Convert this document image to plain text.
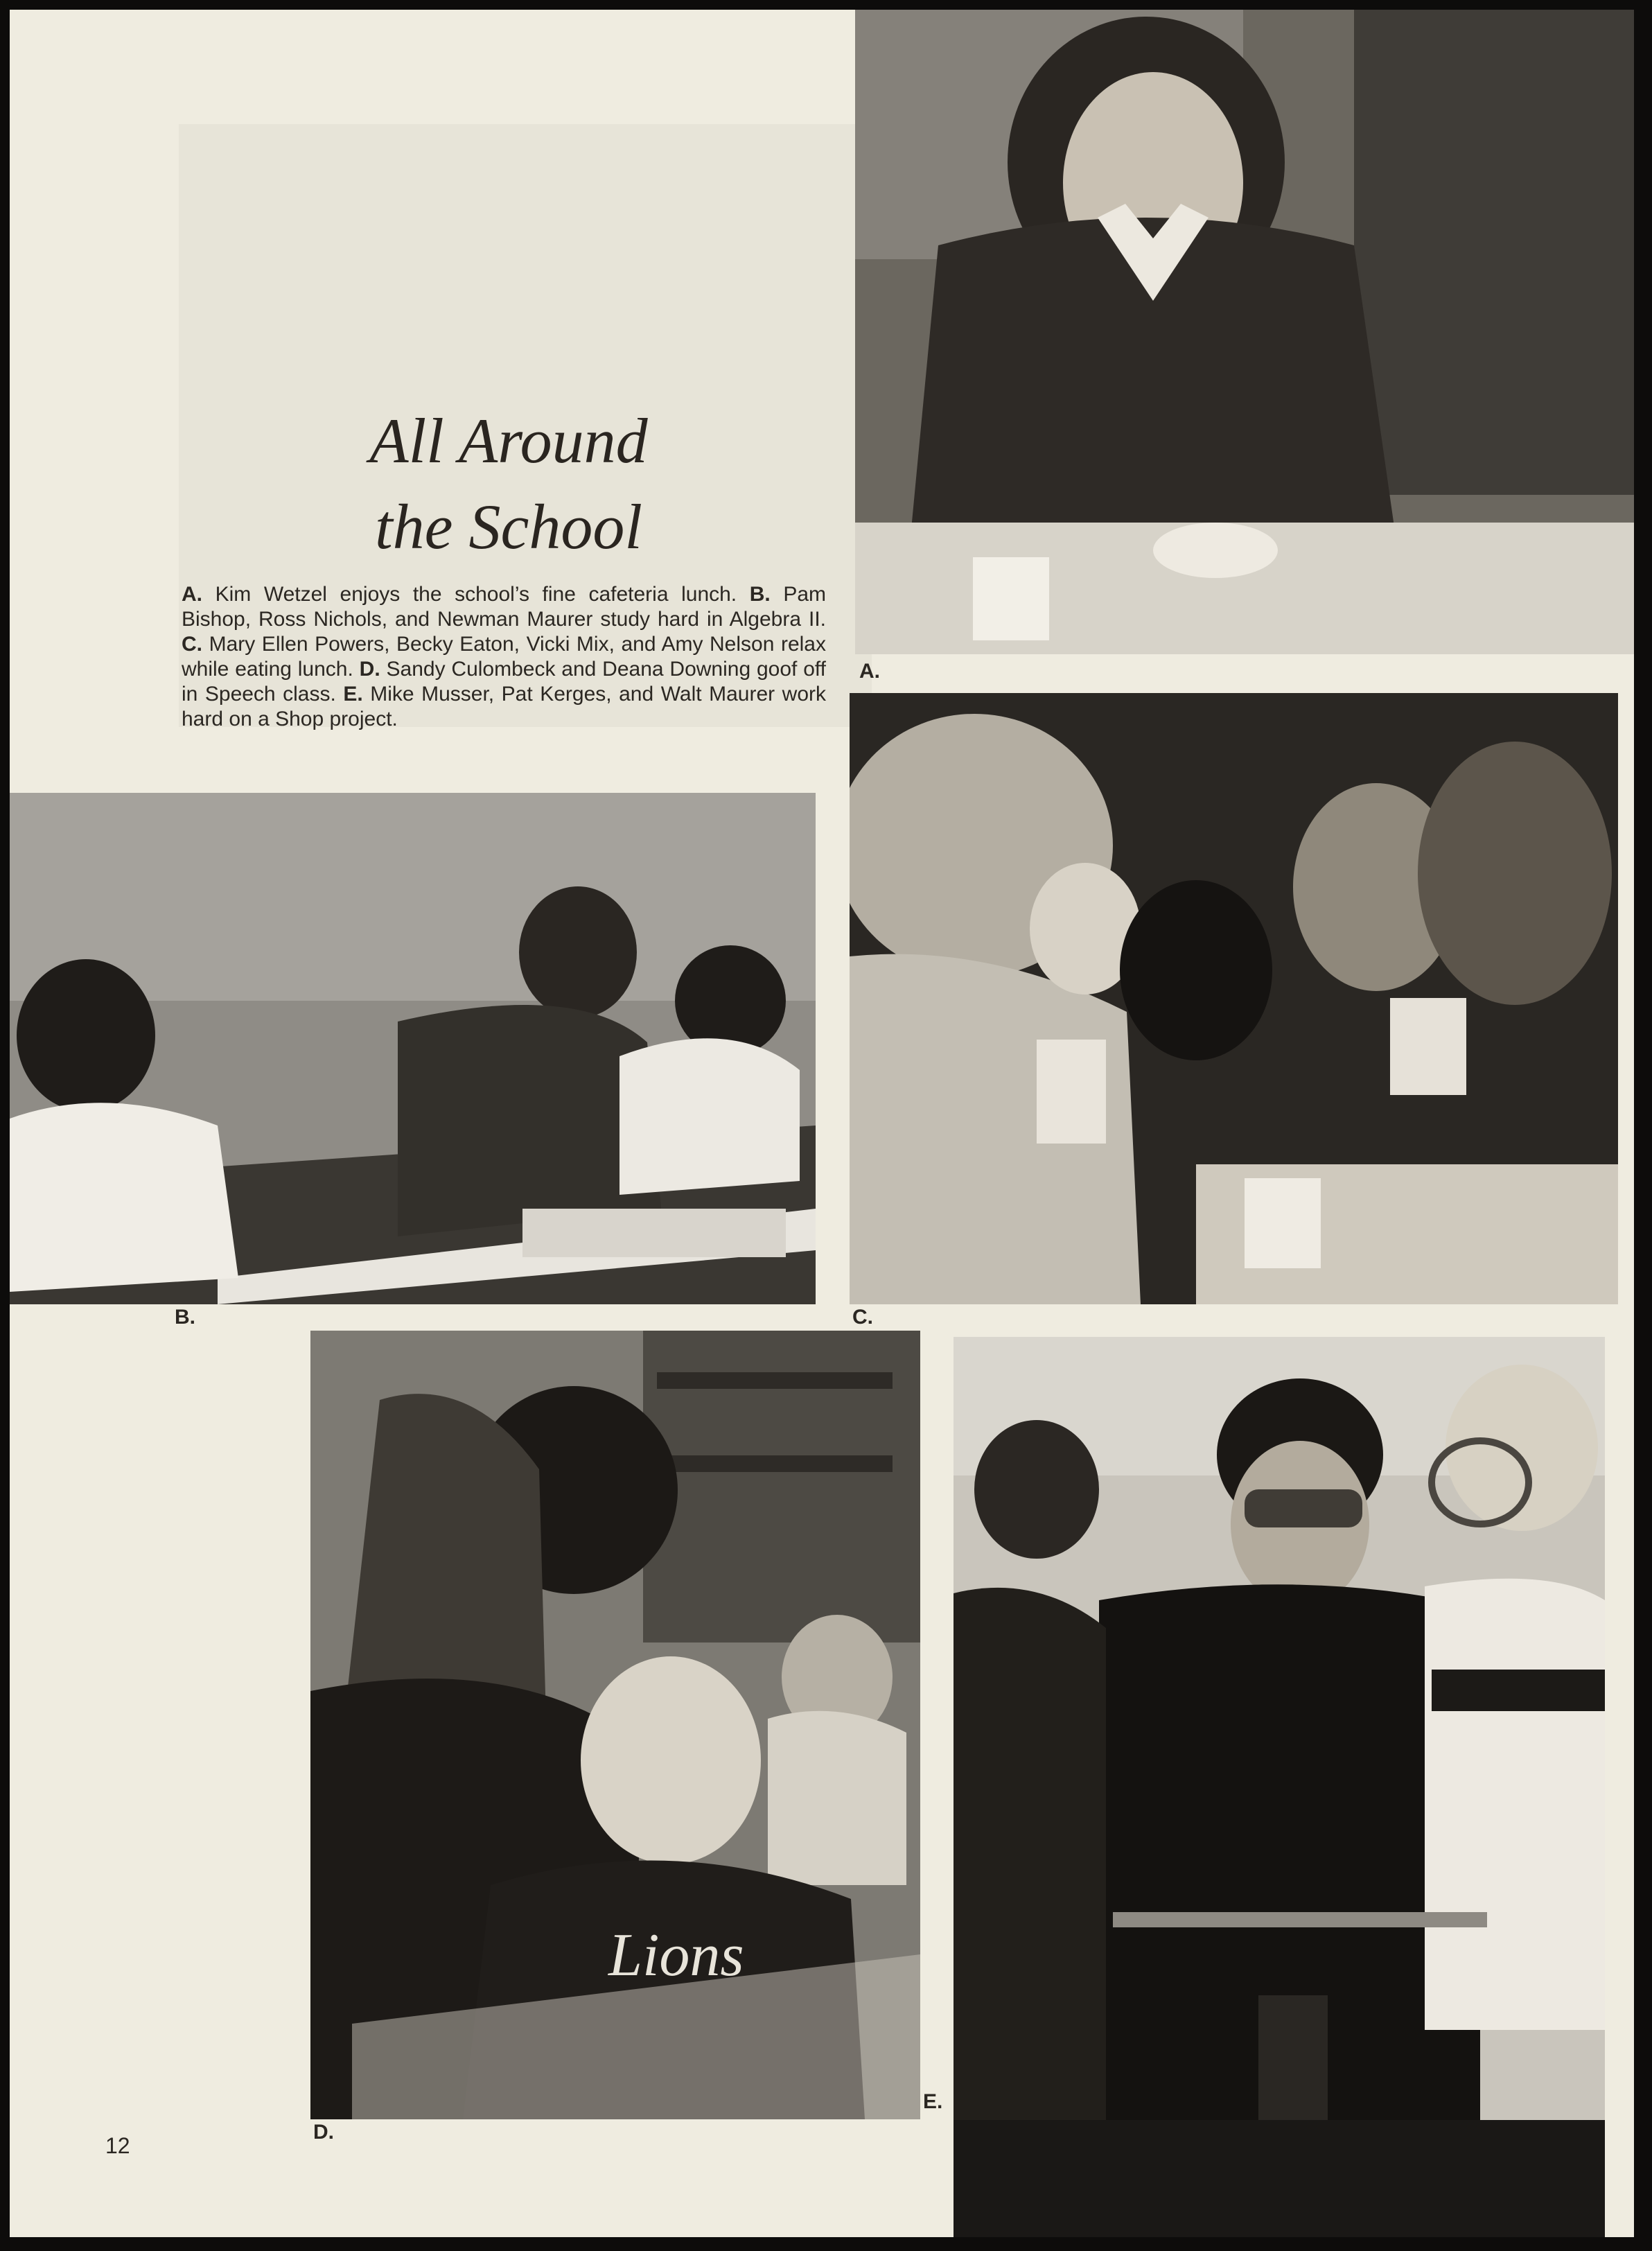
All Around
the School

A. Kim Wetzel enjoys the school’s fine cafeteria lunch. B. Pam Bishop, Ross Nichols, and Newman Maurer study hard in Algebra II. C. Mary Ellen Powers, Becky Eaton, Vicki Mix, and Amy Nelson relax while eating lunch. D. Sandy Culombeck and Deana Downing goof off in Speech class. E. Mike Musser, Pat Kerges, and Walt Maurer work hard on a Shop project.

A.
B.	C.
Lions
D.
E.
12
